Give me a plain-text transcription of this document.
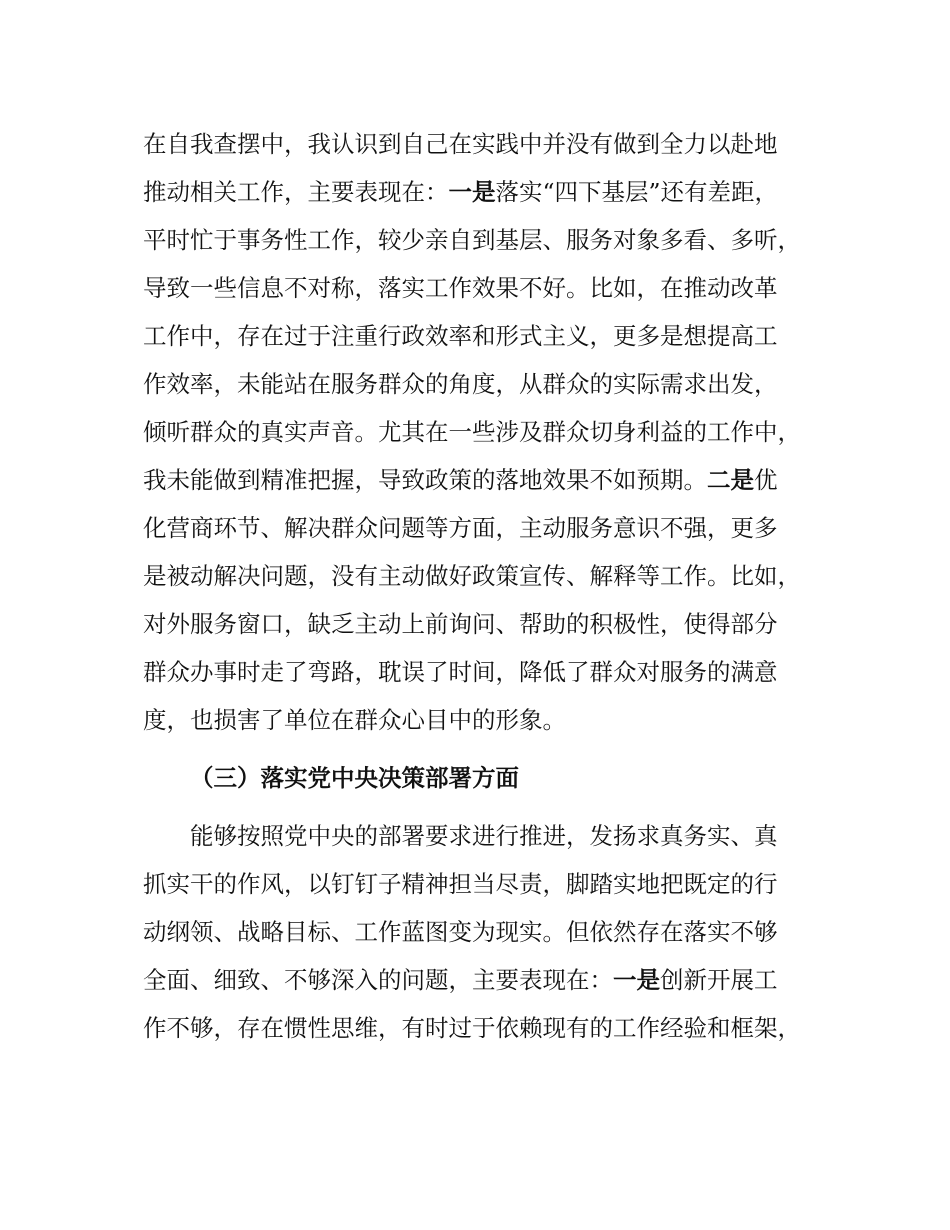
在自我查摆中，我认识到自己在实践中并没有做到全力以赴地
推动相关工作，主要表现在：一是落实“四下基层”还有差距，
平时忙于事务性工作，较少亲自到基层、服务对象多看、多听，
导致一些信息不对称，落实工作效果不好。比如，在推动改革
工作中，存在过于注重行政效率和形式主义，更多是想提高工
作效率，未能站在服务群众的角度，从群众的实际需求出发，
倾听群众的真实声音。尤其在一些涉及群众切身利益的工作中，
我未能做到精准把握，导致政策的落地效果不如预期。二是优
化营商环节、解决群众问题等方面，主动服务意识不强，更多
是被动解决问题，没有主动做好政策宣传、解释等工作。比如，
对外服务窗口，缺乏主动上前询问、帮助的积极性，使得部分
群众办事时走了弯路，耽误了时间，降低了群众对服务的满意
度，也损害了单位在群众心目中的形象。
（三）落实党中央决策部署方面
能够按照党中央的部署要求进行推进，发扬求真务实、真
抓实干的作风，以钉钉子精神担当尽责，脚踏实地把既定的行
动纲领、战略目标、工作蓝图变为现实。但依然存在落实不够
全面、细致、不够深入的问题，主要表现在：一是创新开展工
作不够，存在惯性思维，有时过于依赖现有的工作经验和框架，
